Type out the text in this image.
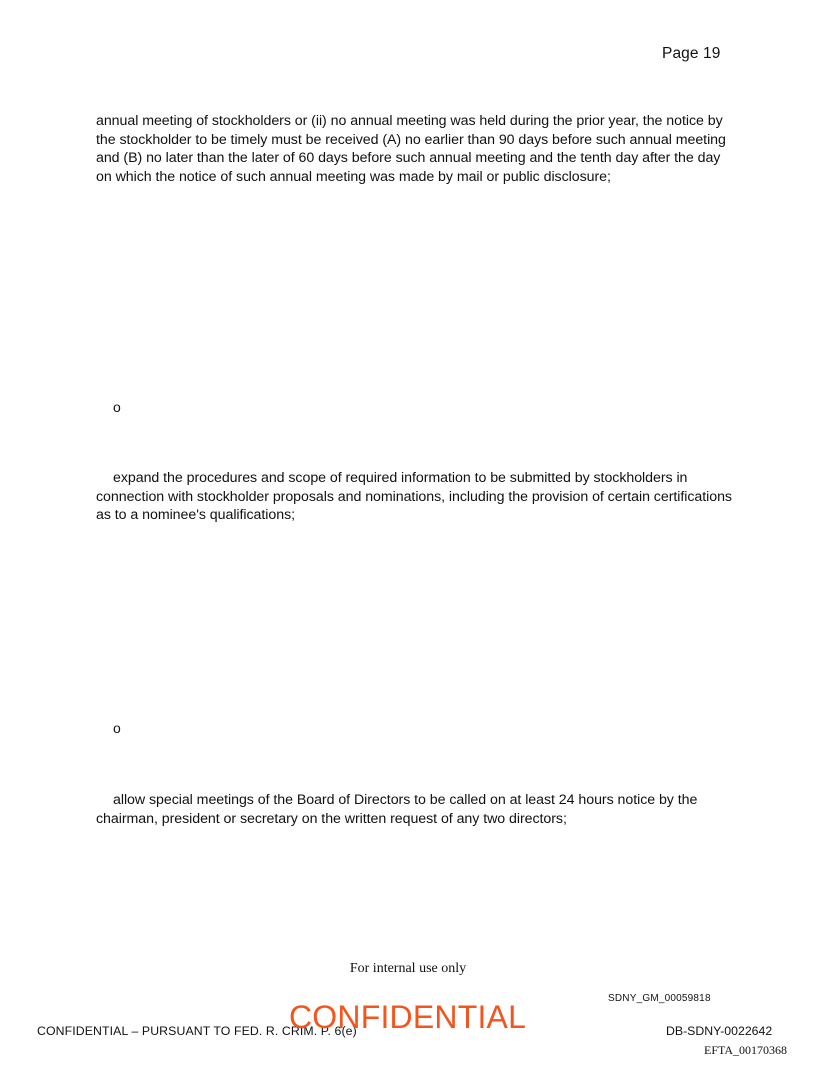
Page 19

annual meeting of stockholders or (ii) no annual meeting was held during the prior year, the notice by the stockholder to be timely must be received (A) no earlier than 90 days before such annual meeting and (B) no later than the later of 60 days before such annual meeting and the tenth day after the day on which the notice of such annual meeting was made by mail or public disclosure;

o

expand the procedures and scope of required information to be submitted by stockholders in connection with stockholder proposals and nominations, including the provision of certain certifications as to a nominee's qualifications;

o

allow special meetings of the Board of Directors to be called on at least 24 hours notice by the chairman, president or secretary on the written request of any two directors;

For internal use only
SDNY_GM_00059818
CONFIDENTIAL – PURSUANT TO FED. R. CRIM. P. 6(e)
CONFIDENTIAL	DB-SDNY-0022642
EFTA_00170368
